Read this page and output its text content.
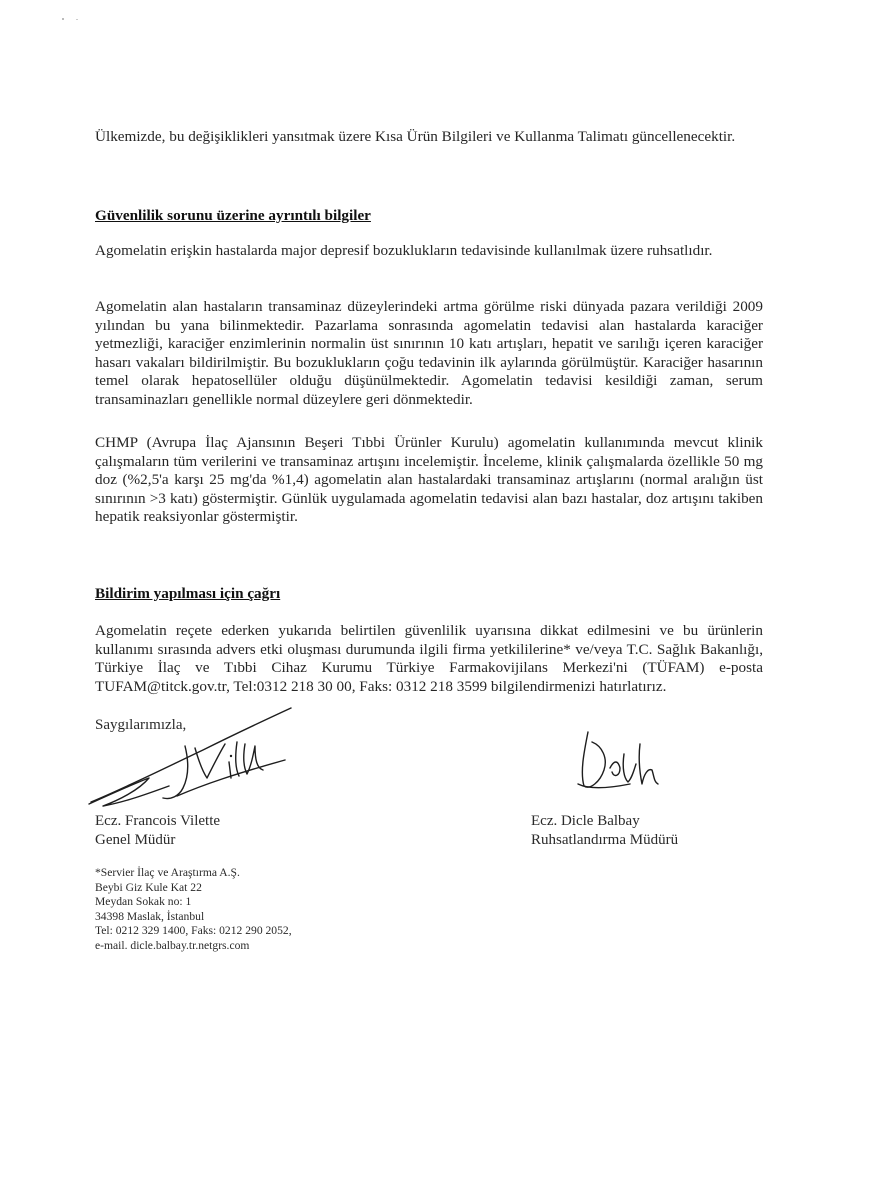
Ülkemizde, bu değişiklikleri yansıtmak üzere Kısa Ürün Bilgileri ve Kullanma Talimatı güncellenecektir.

Güvenlilik sorunu üzerine ayrıntılı bilgiler

Agomelatin erişkin hastalarda major depresif bozuklukların tedavisinde kullanılmak üzere ruhsatlıdır.

Agomelatin alan hastaların transaminaz düzeylerindeki artma görülme riski dünyada pazara verildiği 2009 yılından bu yana bilinmektedir. Pazarlama sonrasında agomelatin tedavisi alan hastalarda karaciğer yetmezliği, karaciğer enzimlerinin normalin üst sınırının 10 katı artışları, hepatit ve sarılığı içeren karaciğer hasarı vakaları bildirilmiştir. Bu bozuklukların çoğu tedavinin ilk aylarında görülmüştür. Karaciğer hasarının temel olarak hepatosellüler olduğu düşünülmektedir. Agomelatin tedavisi kesildiği zaman, serum transaminazları genellikle normal düzeylere geri dönmektedir.

CHMP (Avrupa İlaç Ajansının Beşeri Tıbbi Ürünler Kurulu) agomelatin kullanımında mevcut klinik çalışmaların tüm verilerini ve transaminaz artışını incelemiştir. İnceleme, klinik çalışmalarda özellikle 50 mg doz (%2,5'a karşı 25 mg'da %1,4) agomelatin alan hastalardaki transaminaz artışlarını (normal aralığın üst sınırının >3 katı) göstermiştir. Günlük uygulamada agomelatin tedavisi alan bazı hastalar, doz artışını takiben hepatik reaksiyonlar göstermiştir.

Bildirim yapılması için çağrı

Agomelatin reçete ederken yukarıda belirtilen güvenlilik uyarısına dikkat edilmesini ve bu ürünlerin kullanımı sırasında advers etki oluşması durumunda ilgili firma yetkililerine* ve/veya T.C. Sağlık Bakanlığı, Türkiye İlaç ve Tıbbi Cihaz Kurumu Türkiye Farmakovijilans Merkezi'ni (TÜFAM) e-posta TUFAM@titck.gov.tr, Tel:0312 218 30 00, Faks: 0312 218 3599 bilgilendirmenizi hatırlatırız.

Saygılarımızla,
Ecz. Francois Vilette
Genel Müdür
Ecz. Dicle Balbay
Ruhsatlandırma Müdürü
*Servier İlaç ve Araştırma A.Ş.
Beybi Giz Kule Kat 22
Meydan Sokak no: 1
34398 Maslak, İstanbul
Tel: 0212 329 1400, Faks: 0212 290 2052,
e-mail. dicle.balbay.tr.netgrs.com
